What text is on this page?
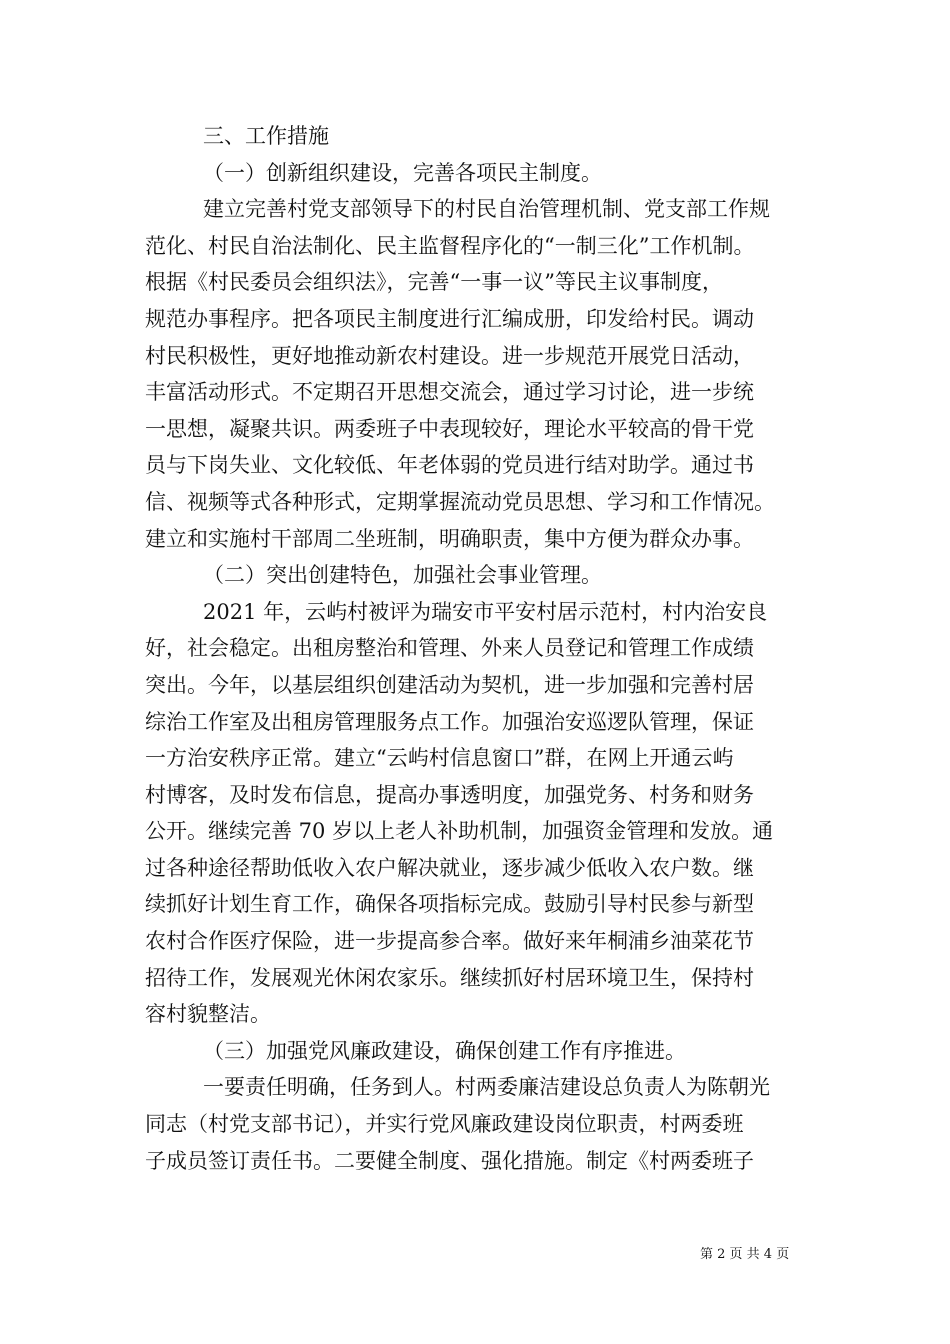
三、工作措施
（一）创新组织建设，完善各项民主制度。
建立完善村党支部领导下的村民自治管理机制、党支部工作规
范化、村民自治法制化、民主监督程序化的“一制三化”工作机制。
根据《村民委员会组织法》，完善“一事一议”等民主议事制度，
规范办事程序。把各项民主制度进行汇编成册，印发给村民。调动
村民积极性，更好地推动新农村建设。进一步规范开展党日活动，
丰富活动形式。不定期召开思想交流会，通过学习讨论，进一步统
一思想，凝聚共识。两委班子中表现较好，理论水平较高的骨干党
员与下岗失业、文化较低、年老体弱的党员进行结对助学。通过书
信、视频等式各种形式，定期掌握流动党员思想、学习和工作情况。
建立和实施村干部周二坐班制，明确职责，集中方便为群众办事。
（二）突出创建特色，加强社会事业管理。
2021 年，云屿村被评为瑞安市平安村居示范村，村内治安良
好，社会稳定。出租房整治和管理、外来人员登记和管理工作成绩
突出。今年，以基层组织创建活动为契机，进一步加强和完善村居
综治工作室及出租房管理服务点工作。加强治安巡逻队管理，保证
一方治安秩序正常。建立“云屿村信息窗口”群，在网上开通云屿
村博客，及时发布信息，提高办事透明度，加强党务、村务和财务
公开。继续完善 70 岁以上老人补助机制，加强资金管理和发放。通
过各种途径帮助低收入农户解决就业，逐步减少低收入农户数。继
续抓好计划生育工作，确保各项指标完成。鼓励引导村民参与新型
农村合作医疗保险，进一步提高参合率。做好来年桐浦乡油菜花节
招待工作，发展观光休闲农家乐。继续抓好村居环境卫生，保持村
容村貌整洁。
（三）加强党风廉政建设，确保创建工作有序推进。
一要责任明确，任务到人。村两委廉洁建设总负责人为陈朝光
同志（村党支部书记），并实行党风廉政建设岗位职责，村两委班
子成员签订责任书。二要健全制度、强化措施。制定《村两委班子
第 2 页 共 4 页
